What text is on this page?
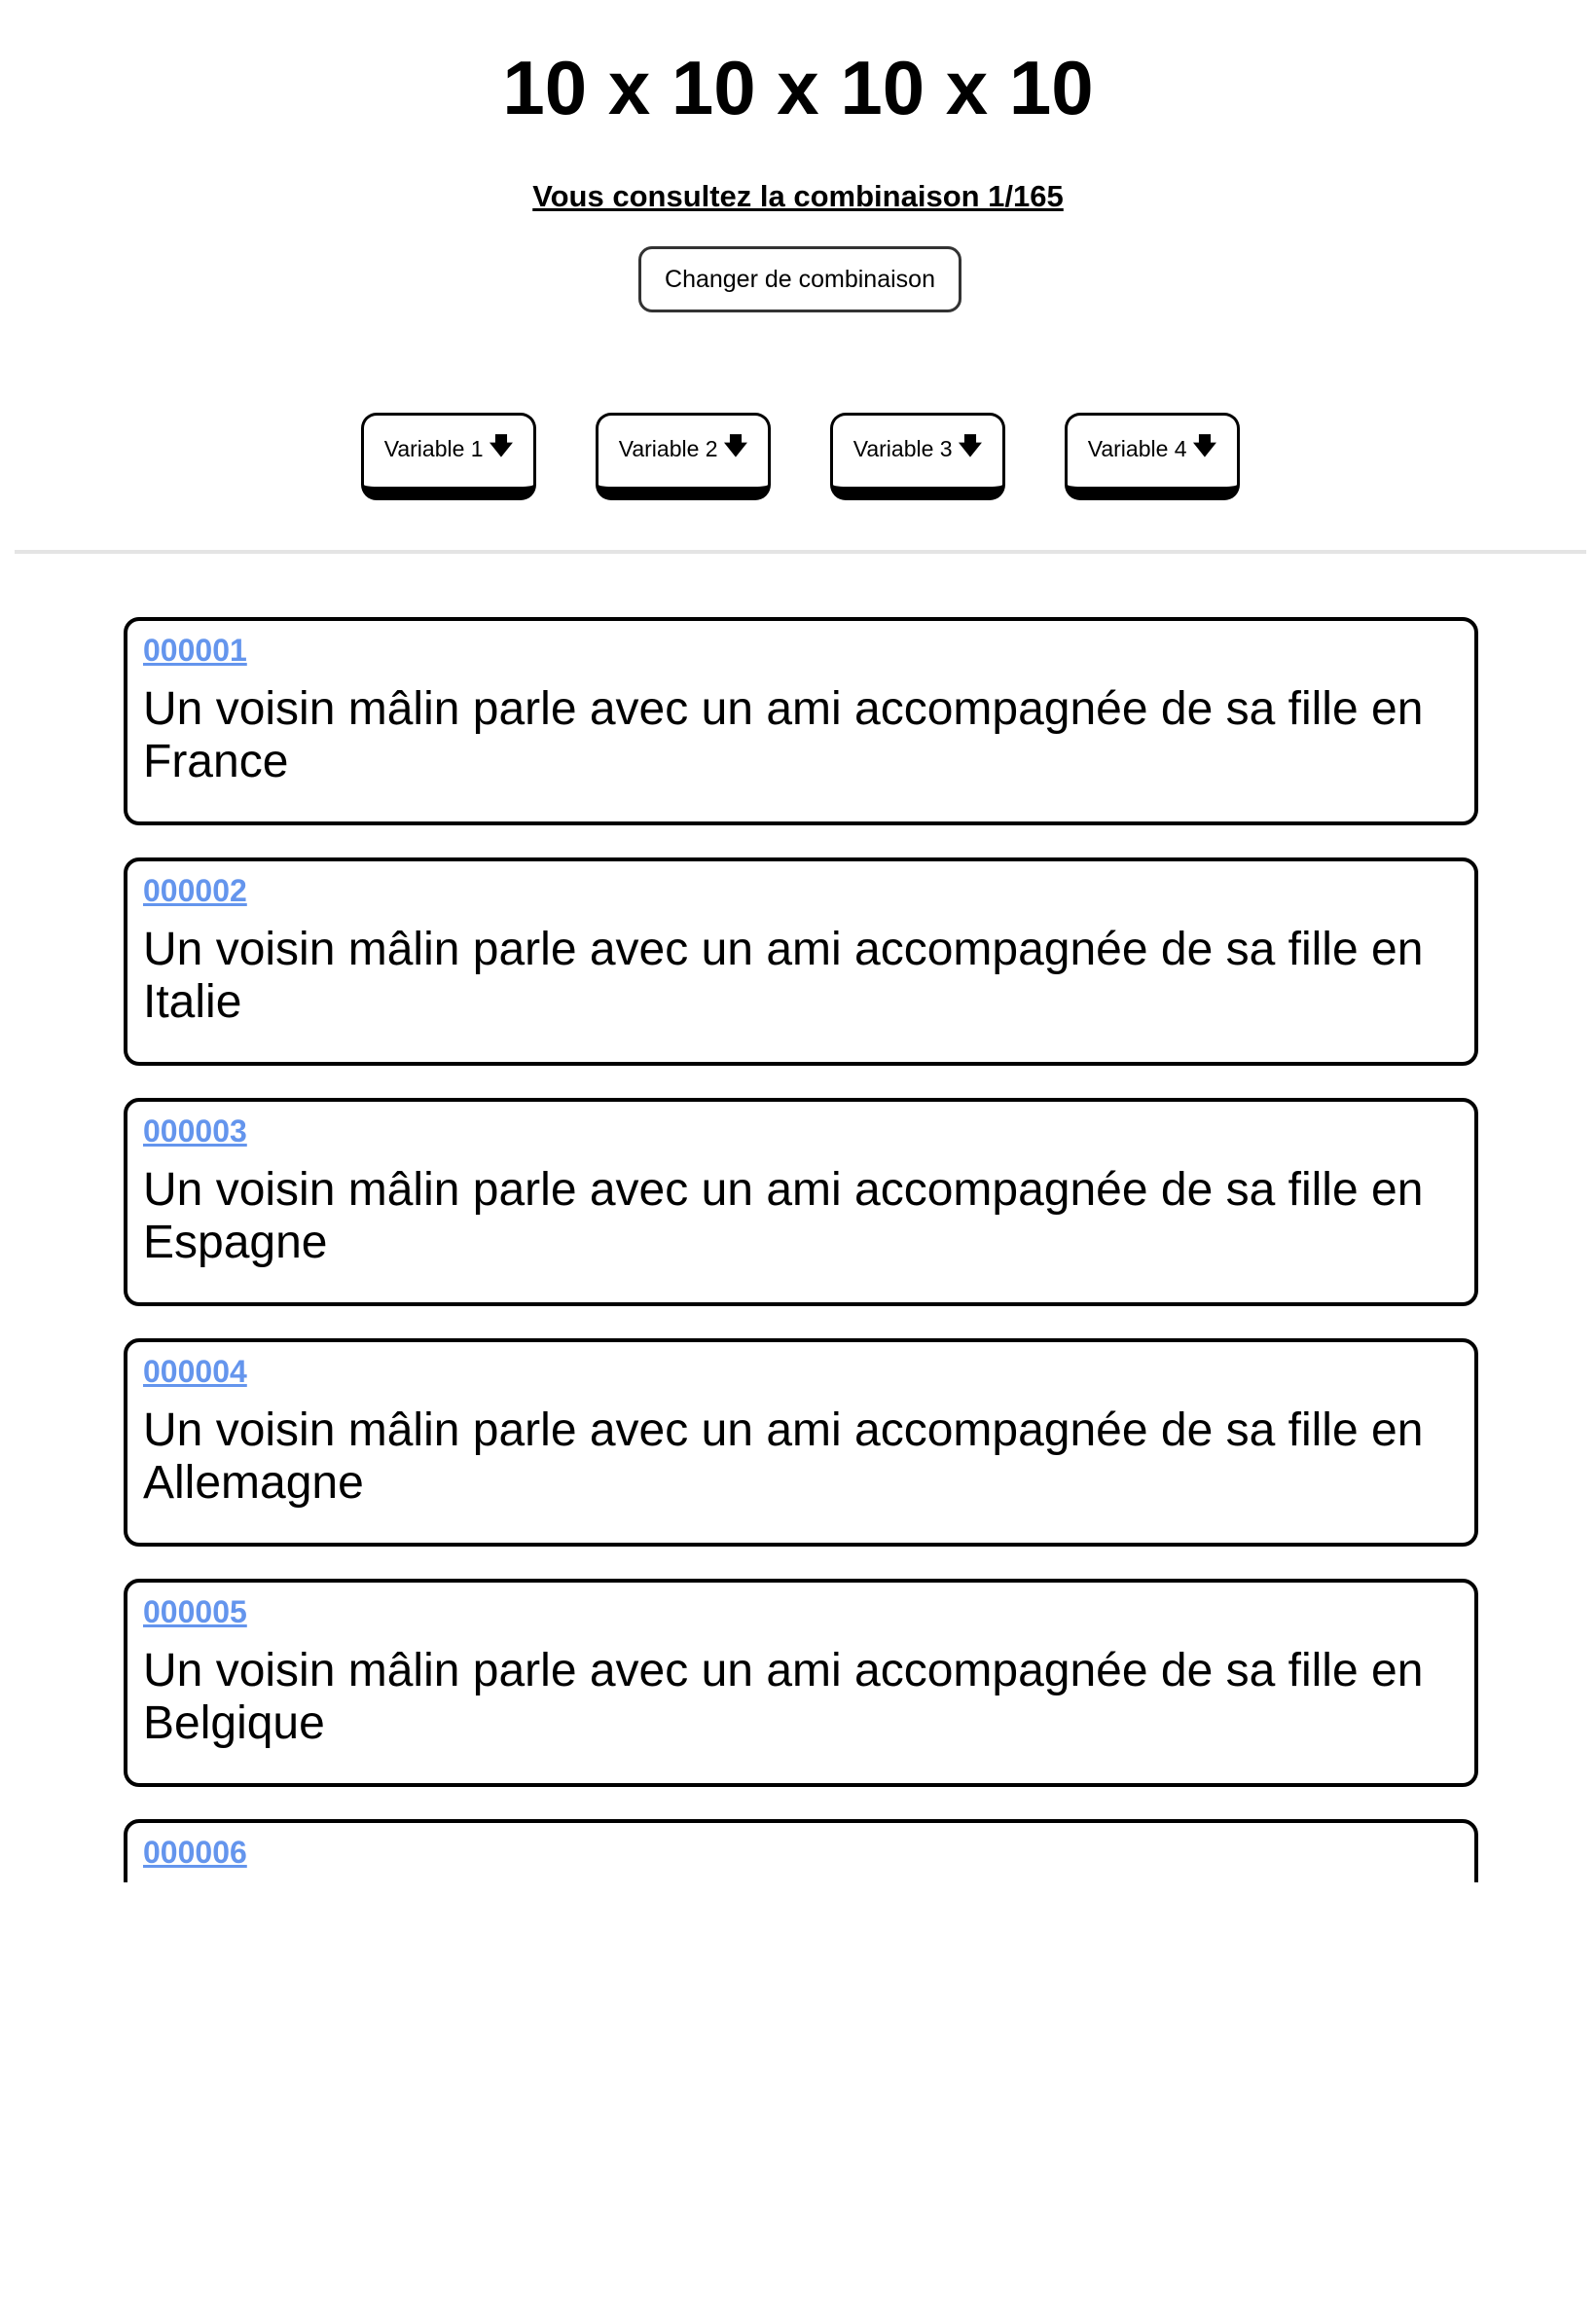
10 x 10 x 10 x 10
Vous consultez la combinaison 1/165
Changer de combinaison
Variable 1 🡇	Variable 2 🡇	Variable 3 🡇	Variable 4 🡇
000001

Un voisin mâlin parle avec un ami accompagnée de sa fille en France

000002

Un voisin mâlin parle avec un ami accompagnée de sa fille en Italie

000003

Un voisin mâlin parle avec un ami accompagnée de sa fille en Espagne

000004

Un voisin mâlin parle avec un ami accompagnée de sa fille en Allemagne

000005

Un voisin mâlin parle avec un ami accompagnée de sa fille en Belgique

000006
